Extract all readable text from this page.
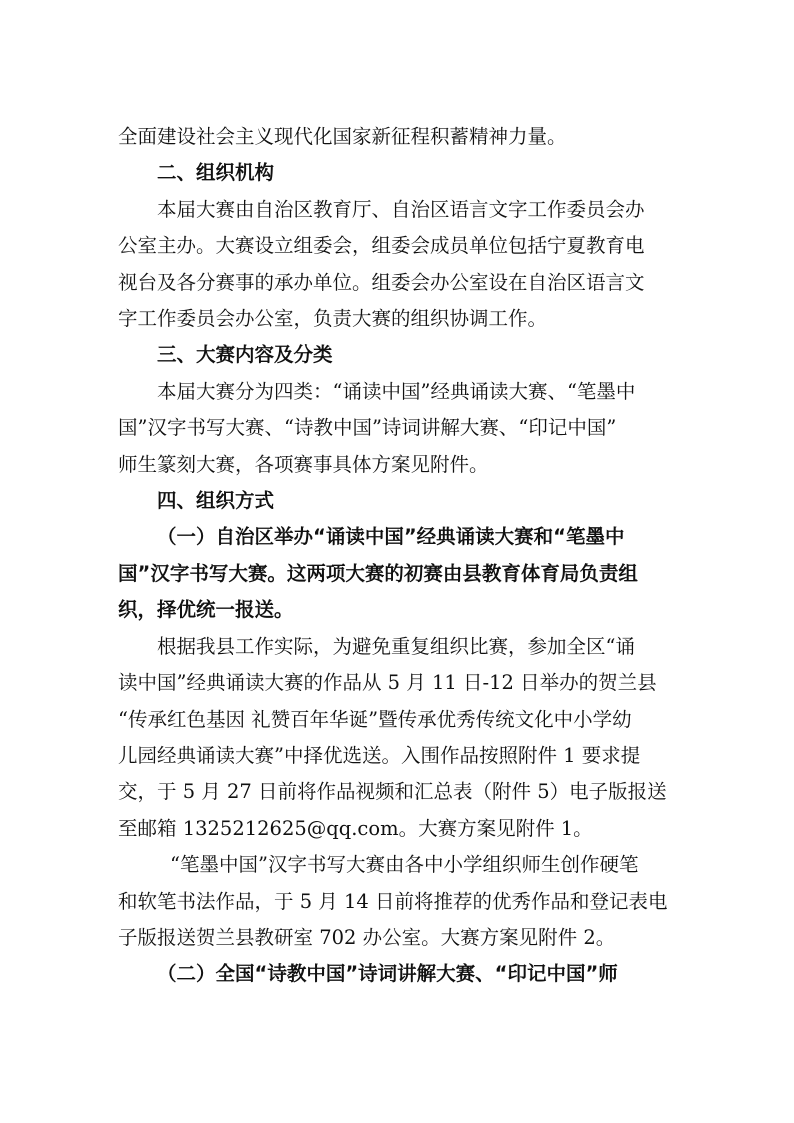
全面建设社会主义现代化国家新征程积蓄精神力量。

二、组织机构

本届大赛由自治区教育厅、自治区语言文字工作委员会办

公室主办。大赛设立组委会，组委会成员单位包括宁夏教育电

视台及各分赛事的承办单位。组委会办公室设在自治区语言文

字工作委员会办公室，负责大赛的组织协调工作。

三、大赛内容及分类

本届大赛分为四类：“诵读中国”经典诵读大赛、“笔墨中

国”汉字书写大赛、“诗教中国”诗词讲解大赛、“印记中国”

师生篆刻大赛，各项赛事具体方案见附件。

四、组织方式

（一）自治区举办“诵读中国”经典诵读大赛和“笔墨中

国”汉字书写大赛。这两项大赛的初赛由县教育体育局负责组

织，择优统一报送。

根据我县工作实际，为避免重复组织比赛，参加全区“诵

读中国”经典诵读大赛的作品从 5 月 11 日-12 日举办的贺兰县

“传承红色基因 礼赞百年华诞”暨传承优秀传统文化中小学幼

儿园经典诵读大赛”中择优选送。入围作品按照附件 1 要求提

交，于 5 月 27 日前将作品视频和汇总表（附件 5）电子版报送

至邮箱 1325212625@qq.com。大赛方案见附件 1。

“笔墨中国”汉字书写大赛由各中小学组织师生创作硬笔

和软笔书法作品，于 5 月 14 日前将推荐的优秀作品和登记表电

子版报送贺兰县教研室 702 办公室。大赛方案见附件 2。

（二）全国“诗教中国”诗词讲解大赛、“印记中国”师
